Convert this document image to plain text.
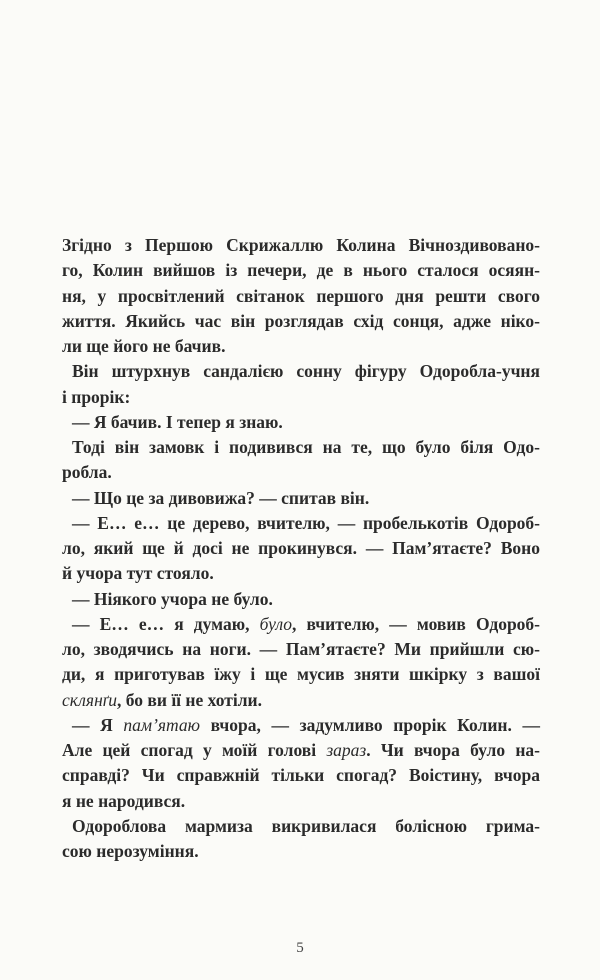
Згідно з Першою Скрижаллю Колина Вічноздивовано-
го, Колин вийшов із печери, де в нього сталося осяян-
ня, у просвітлений світанок першого дня решти свого
життя. Якийсь час він розглядав схід сонця, адже ніко-
ли ще його не бачив.
Він штурхнув сандалією сонну фігуру Одоробла-учня
і прорік:
— Я бачив. І тепер я знаю.
Тоді він замовк і подивився на те, що було біля Одо-
робла.
— Що це за дивовижа? — спитав він.
— Е… е… це дерево, вчителю, — пробелькотів Одороб-
ло, який ще й досі не прокинувся. — Пам’ятаєте? Воно
й учора тут стояло.
— Ніякого учора не було.
— Е… е… я думаю, було, вчителю, — мовив Одороб-
ло, зводячись на ноги. — Пам’ятаєте? Ми прийшли сю-
ди, я приготував їжу і ще мусив зняти шкірку з вашої
склянґи, бо ви її не хотіли.
— Я пам’ятаю вчора, — задумливо прорік Колин. —
Але цей спогад у моїй голові зараз. Чи вчора було на-
справді? Чи справжній тільки спогад? Воістину, вчора
я не народився.
Одороблова мармиза викривилася болісною грима-
сою нерозуміння.
5
